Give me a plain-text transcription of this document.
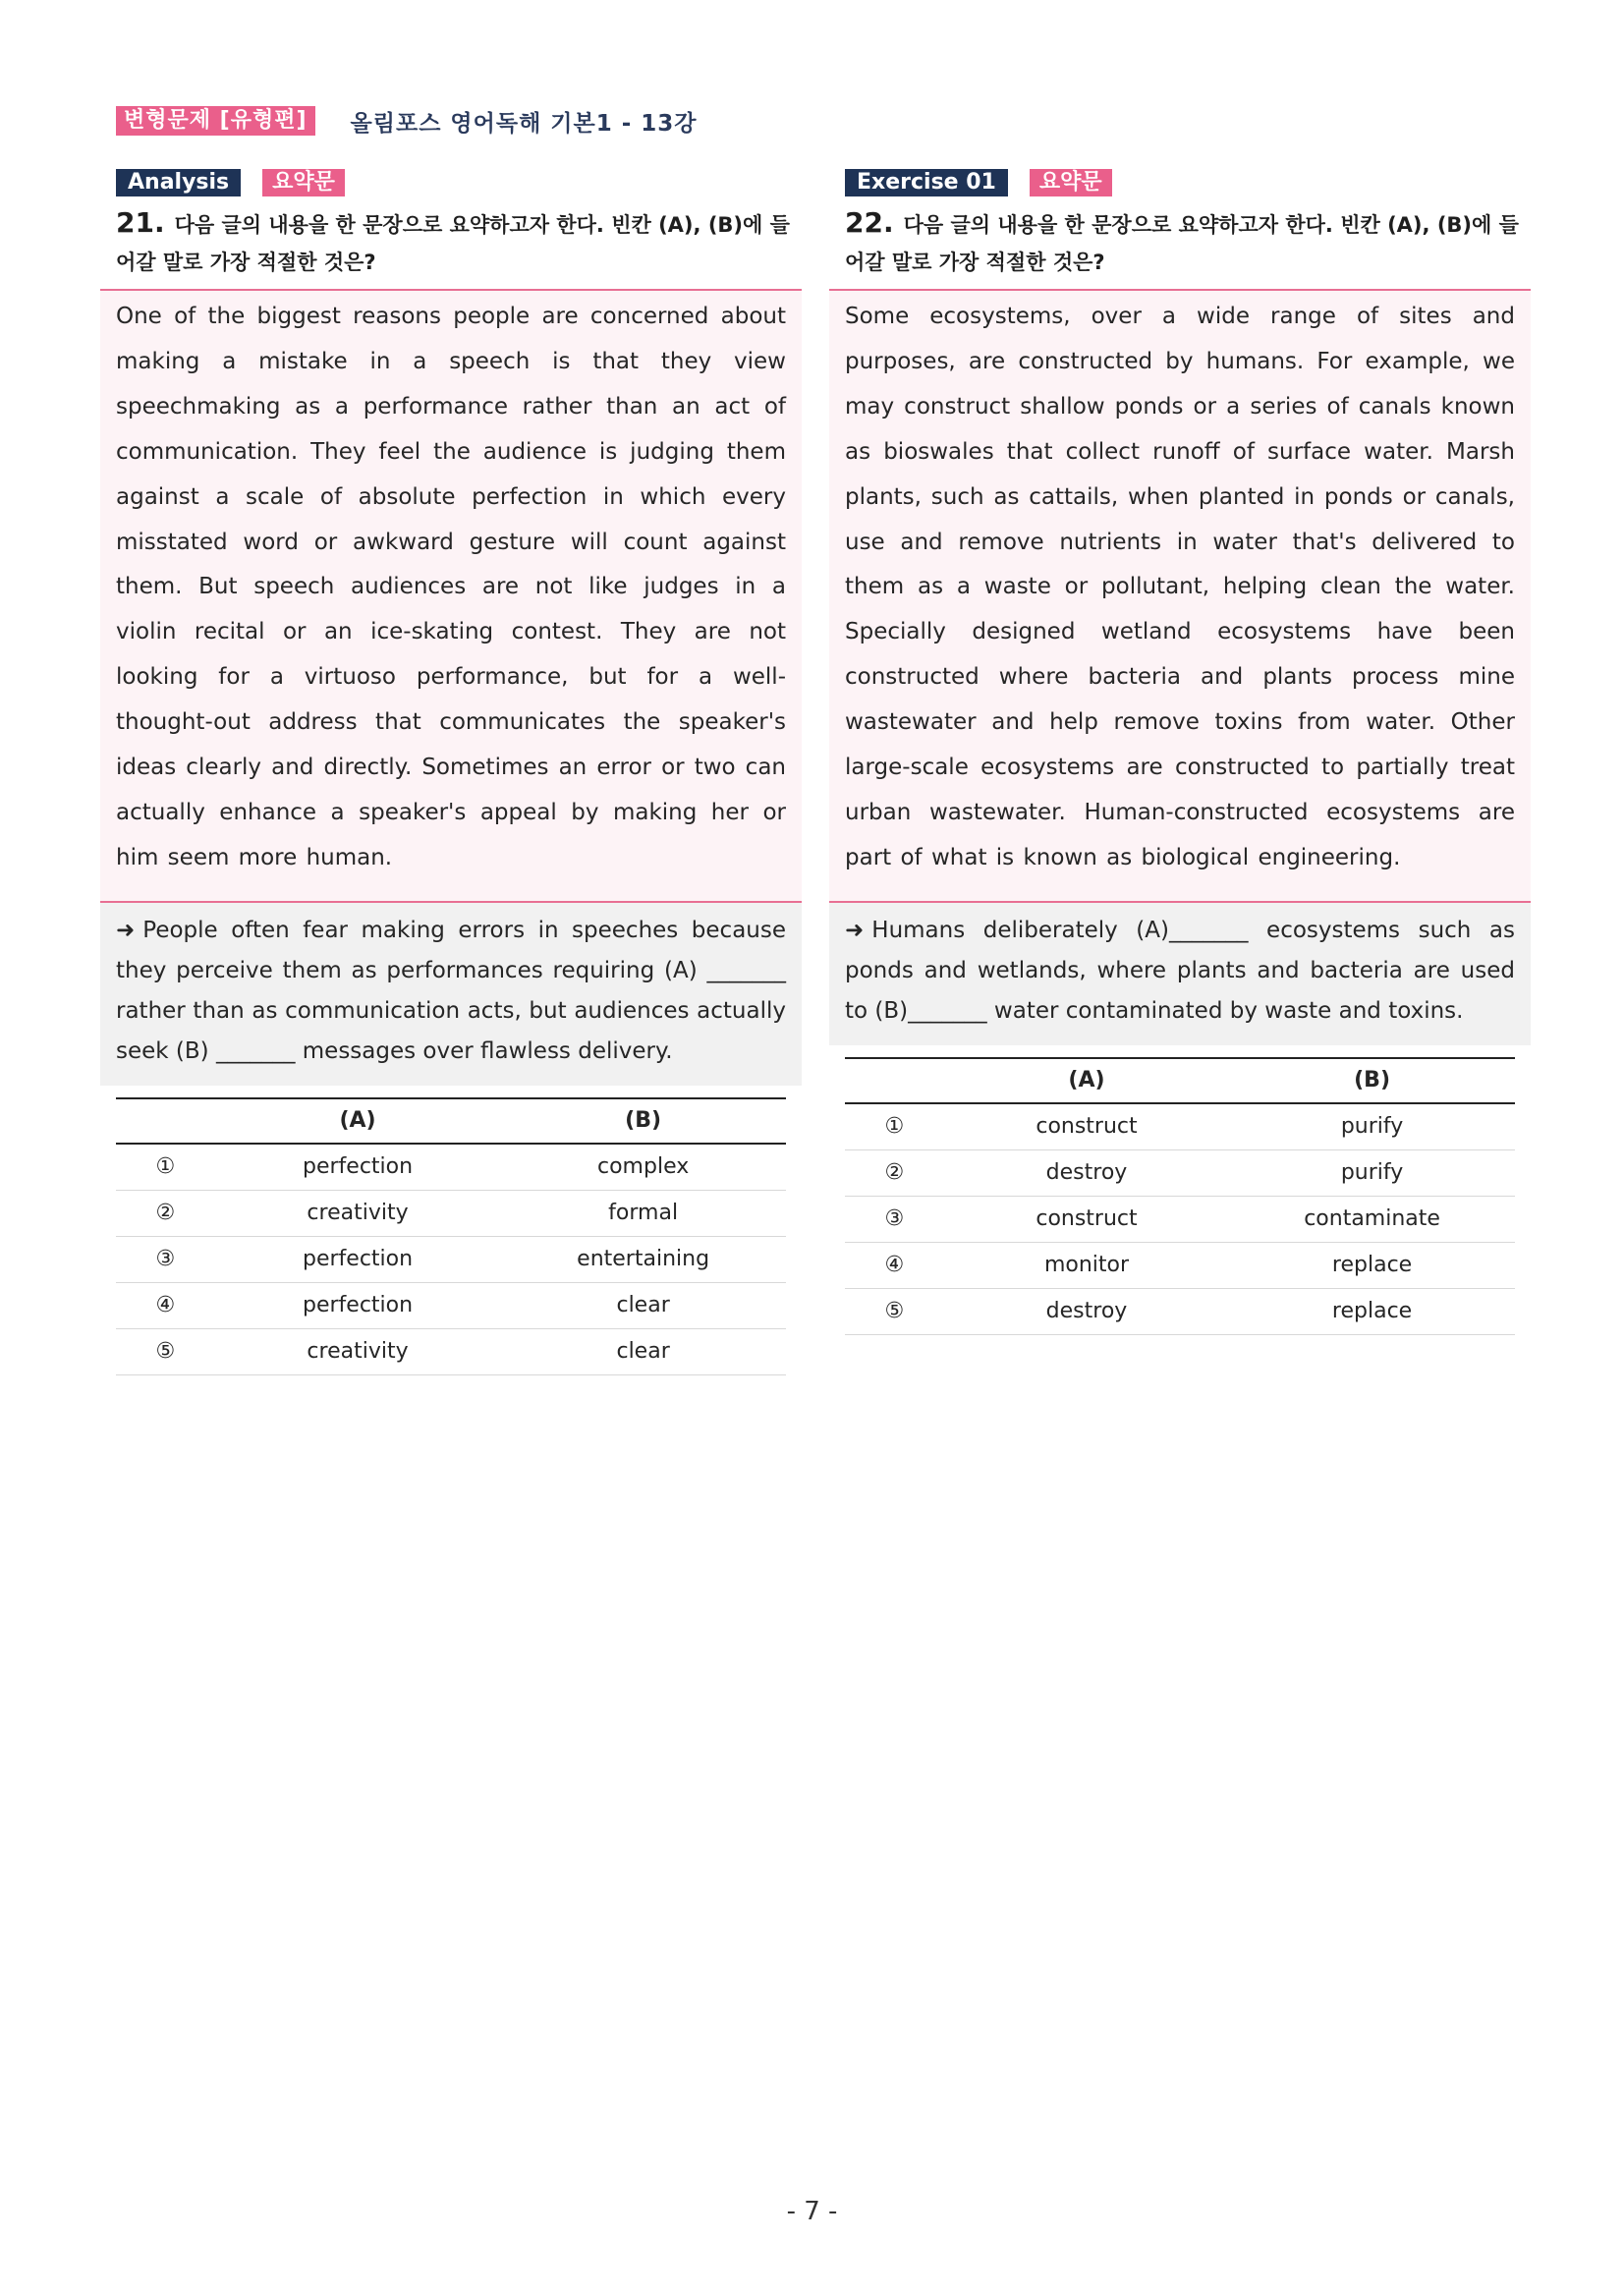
변형문제 [유형편]	올림포스 영어독해 기본1 - 13강
Analysis	요약문
21. 다음 글의 내용을 한 문장으로 요약하고자 한다. 빈칸 (A), (B)에 들어갈 말로 가장 적절한 것은?

One of the biggest reasons people are concerned about making a mistake in a speech is that they view speechmaking as a performance rather than an act of communication. They feel the audience is judging them against a scale of absolute perfection in which every misstated word or awkward gesture will count against them. But speech audiences are not like judges in a violin recital or an ice-skating contest. They are not looking for a virtuoso performance, but for a well-thought-out address that communicates the speaker's ideas clearly and directly. Sometimes an error or two can actually enhance a speaker's appeal by making her or him seem more human.

➜ People often fear making errors in speeches because they perceive them as performances requiring (A) _______ rather than as communication acts, but audiences actually seek (B) _______ messages over flawless delivery.

	(A)	(B)
①	perfection	complex
②	creativity	formal
③	perfection	entertaining
④	perfection	clear
⑤	creativity	clear
Exercise 01	요약문
22. 다음 글의 내용을 한 문장으로 요약하고자 한다. 빈칸 (A), (B)에 들어갈 말로 가장 적절한 것은?

Some ecosystems, over a wide range of sites and purposes, are constructed by humans. For example, we may construct shallow ponds or a series of canals known as bioswales that collect runoff of surface water. Marsh plants, such as cattails, when planted in ponds or canals, use and remove nutrients in water that's delivered to them as a waste or pollutant, helping clean the water. Specially designed wetland ecosystems have been constructed where bacteria and plants process mine wastewater and help remove toxins from water. Other large-scale ecosystems are constructed to partially treat urban wastewater. Human-constructed ecosystems are part of what is known as biological engineering.

➜ Humans deliberately (A)_______ ecosystems such as ponds and wetlands, where plants and bacteria are used to (B)_______ water contaminated by waste and toxins.

	(A)	(B)
①	construct	purify
②	destroy	purify
③	construct	contaminate
④	monitor	replace
⑤	destroy	replace
- 7 -
